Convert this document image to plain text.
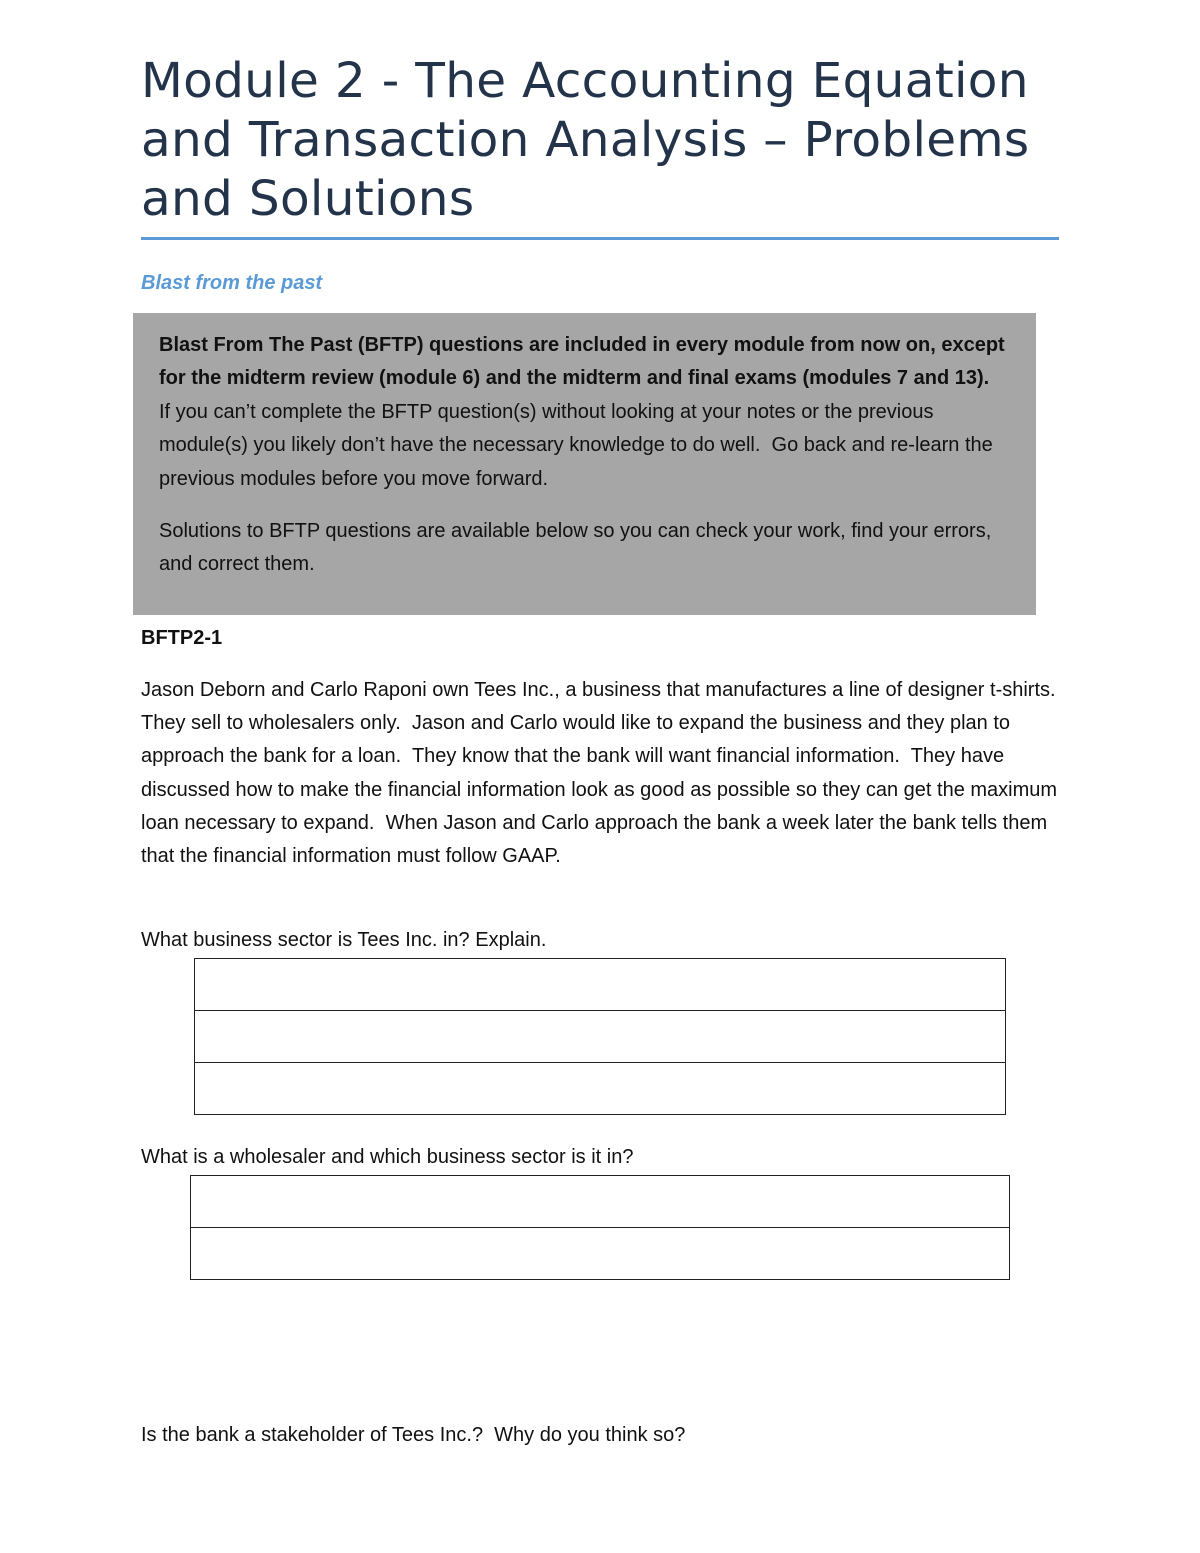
Module 2 - The Accounting Equation and Transaction Analysis – Problems and Solutions
Blast from the past

Blast From The Past (BFTP) questions are included in every module from now on, except for the midterm review (module 6) and the midterm and final exams (modules 7 and 13).  If you can’t complete the BFTP question(s) without looking at your notes or the previous module(s) you likely don’t have the necessary knowledge to do well.  Go back and re-learn the previous modules before you move forward.

Solutions to BFTP questions are available below so you can check your work, find your errors, and correct them.

BFTP2-1

Jason Deborn and Carlo Raponi own Tees Inc., a business that manufactures a line of designer t-shirts.  They sell to wholesalers only.  Jason and Carlo would like to expand the business and they plan to approach the bank for a loan.  They know that the bank will want financial information.  They have discussed how to make the financial information look as good as possible so they can get the maximum loan necessary to expand.  When Jason and Carlo approach the bank a week later the bank tells them that the financial information must follow GAAP.

What business sector is Tees Inc. in? Explain.

What is a wholesaler and which business sector is it in?

Is the bank a stakeholder of Tees Inc.?  Why do you think so?
